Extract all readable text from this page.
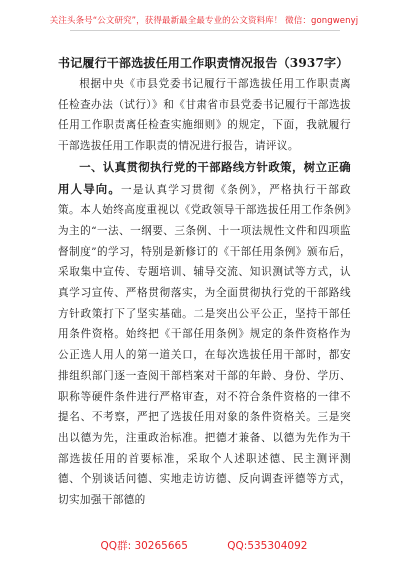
关注头条号“公文研究”，获得最新最全最专业的公文资料库！ 微信：gongwenyj
书记履行干部选拔任用工作职责情况报告（3937字）

根据中央《市县党委书记履行干部选拔任用工作职责离任检查办法（试行）》和《甘肃省市县党委书记履行干部选拔任用工作职责离任检查实施细则》的规定，下面，我就履行干部选拔任用工作职责的情况进行报告，请评议。

一、认真贯彻执行党的干部路线方针政策，树立正确用人导向。一是认真学习贯彻《条例》，严格执行干部政策。本人始终高度重视以《党政领导干部选拔任用工作条例》为主的“一法、一纲要、三条例、十一项法规性文件和四项监督制度”的学习，特别是新修订的《干部任用条例》颁布后，采取集中宣传、专题培训、辅导交流、知识测试等方式，认真学习宣传、严格贯彻落实，为全面贯彻执行党的干部路线方针政策打下了坚实基础。二是突出公平公正，坚持干部任用条件资格。始终把《干部任用条例》规定的条件资格作为公正选人用人的第一道关口，在每次选拔任用干部时，都安排组织部门逐一查阅干部档案对干部的年龄、身份、学历、职称等硬件条件进行严格审查，对不符合条件资格的一律不提名、不考察，严把了选拔任用对象的条件资格关。三是突出以德为先，注重政治标准。把德才兼备、以德为先作为干部选拔任用的首要标准，采取个人述职述德、民主测评测德、个别谈话问德、实地走访访德、反向调查评德等方式，切实加强干部德的

QQ群: 30265665	QQ:535304092
